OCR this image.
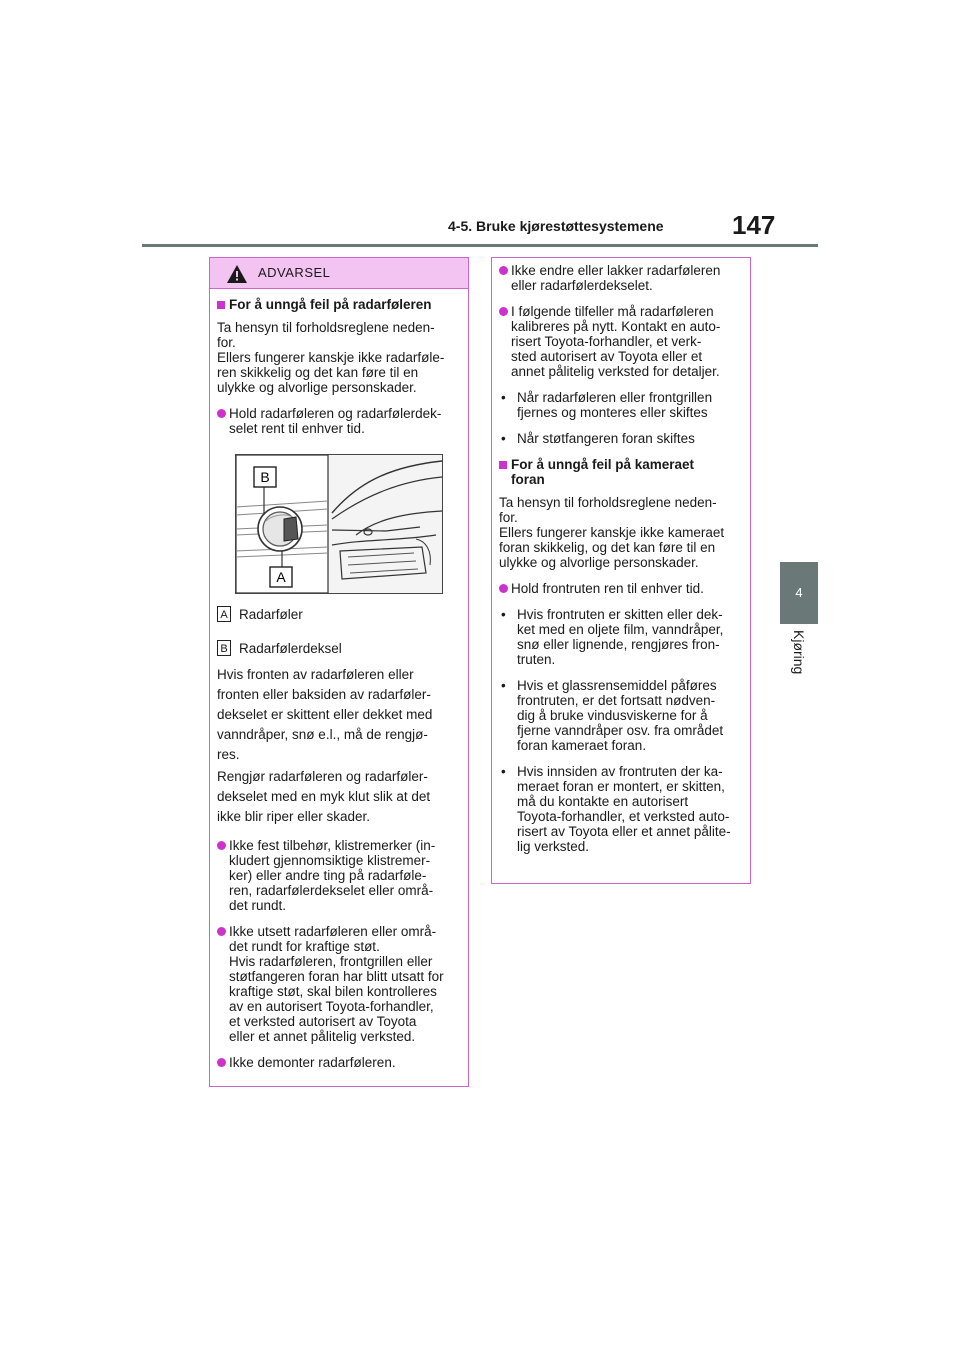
4-5. Bruke kjørestøttesystemene	147
4
Kjøring
ADVARSEL
For å unngå feil på radarføleren

Ta hensyn til forholdsreglene neden-

for.

Ellers fungerer kanskje ikke radarføle-

ren skikkelig og det kan føre til en

ulykke og alvorlige personskader.

Hold radarføleren og radarfølerdek-

selet rent til enhver tid.

B
A
A Radarføler
B Radarfølerdeksel

Hvis fronten av radarføleren eller

fronten eller baksiden av radarføler-

dekselet er skittent eller dekket med

vanndråper, snø e.l., må de rengjø-

res.

Rengjør radarføleren og radarføler-

dekselet med en myk klut slik at det

ikke blir riper eller skader.

Ikke fest tilbehør, klistremerker (in-

kludert gjennomsiktige klistremer-

ker) eller andre ting på radarføle-

ren, radarfølerdekselet eller områ-

det rundt.

Ikke utsett radarføleren eller områ-

det rundt for kraftige støt.

Hvis radarføleren, frontgrillen eller

støtfangeren foran har blitt utsatt for

kraftige støt, skal bilen kontrolleres

av en autorisert Toyota-forhandler,

et verksted autorisert av Toyota

eller et annet pålitelig verksted.

Ikke demonter radarføleren.

Ikke endre eller lakker radarføleren

eller radarfølerdekselet.

I følgende tilfeller må radarføleren

kalibreres på nytt. Kontakt en auto-

risert Toyota-forhandler, et verk-

sted autorisert av Toyota eller et

annet pålitelig verksted for detaljer.

• Når radarføleren eller frontgrillen

fjernes og monteres eller skiftes

• Når støtfangeren foran skiftes

For å unngå feil på kameraet

foran

Ta hensyn til forholdsreglene neden-

for.

Ellers fungerer kanskje ikke kameraet

foran skikkelig, og det kan føre til en

ulykke og alvorlige personskader.

Hold frontruten ren til enhver tid.

• Hvis frontruten er skitten eller dek-

ket med en oljete film, vanndråper,

snø eller lignende, rengjøres fron-

truten.

• Hvis et glassrensemiddel påføres

frontruten, er det fortsatt nødven-

dig å bruke vindusviskerne for å

fjerne vanndråper osv. fra området

foran kameraet foran.

• Hvis innsiden av frontruten der ka-

meraet foran er montert, er skitten,

må du kontakte en autorisert

Toyota-forhandler, et verksted auto-

risert av Toyota eller et annet pålite-

lig verksted.
